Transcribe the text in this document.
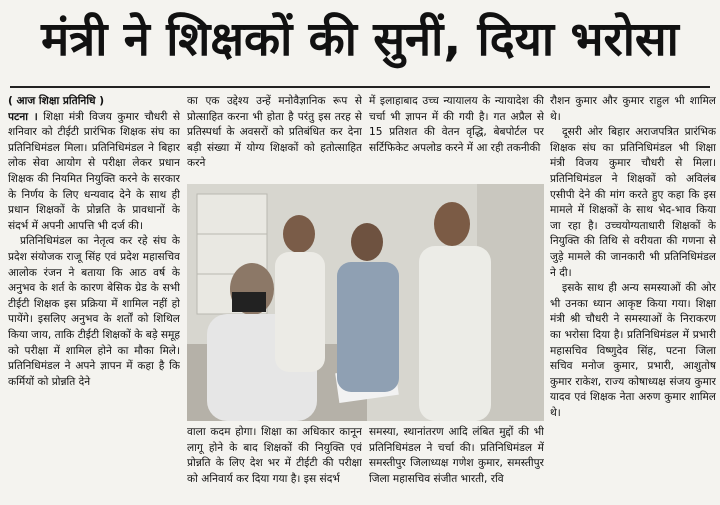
मंत्री ने शिक्षकों की सुनीं, दिया भरोसा

( आज शिक्षा प्रतिनिधि )

पटना । शिक्षा मंत्री विजय कुमार चौधरी से शनिवार को टीईटी प्रारंभिक शिक्षक संघ का प्रतिनिधिमंडल मिला। प्रतिनिधिमंडल ने बिहार लोक सेवा आयोग से परीक्षा लेकर प्रधान शिक्षक की नियमित नियुक्ति करने के सरकार के निर्णय के लिए धन्यवाद देने के साथ ही प्रधान शिक्षकों के प्रोन्नति के प्रावधानों के संदर्भ में अपनी आपत्ति भी दर्ज की।

प्रतिनिधिमंडल का नेतृत्व कर रहे संघ के प्रदेश संयोजक राजू सिंह एवं प्रदेश महासचिव आलोक रंजन ने बताया कि आठ वर्ष के अनुभव के शर्त के कारण बेसिक ग्रेड के सभी टीईटी शिक्षक इस प्रक्रिया में शामिल नहीं हो पायेंगे। इसलिए अनुभव के शर्तों को शिथिल किया जाय, ताकि टीईटी शिक्षकों के बड़े समूह को परीक्षा में शामिल होने का मौका मिले। प्रतिनिधिमंडल ने अपने ज्ञापन में कहा है कि कर्मियों को प्रोन्नति देने

का एक उद्देश्य उन्हें मनोवैज्ञानिक रूप से प्रोत्साहित करना भी होता है परंतु इस तरह से प्रतिस्पर्धा के अवसरों को प्रतिबंधित कर देना बड़ी संख्या में योग्य शिक्षकों को हतोत्साहित करने

में इलाहाबाद उच्च न्यायालय के न्यायादेश की चर्चा भी ज्ञापन में की गयी है। गत अप्रैल से 15 प्रतिशत की वेतन वृद्धि, बेबपोर्टल पर सर्टिफिकेट अपलोड करने में आ रही तकनीकी

वाला कदम होगा। शिक्षा का अधिकार कानून लागू होने के बाद शिक्षकों की नियुक्ति एवं प्रोन्नति के लिए देश भर में टीईटी की परीक्षा को अनिवार्य कर दिया गया है। इस संदर्भ

समस्या, स्थानांतरण आदि लंबित मुद्दों की भी प्रतिनिधिमंडल ने चर्चा की। प्रतिनिधिमंडल में समस्तीपुर जिलाध्यक्ष गणेश कुमार, समस्तीपुर जिला महासचिव संजीत भारती, रवि

रौशन कुमार और कुमार राहुल भी शामिल थे।

दूसरी ओर बिहार अराजपत्रित प्रारंभिक शिक्षक संघ का प्रतिनिधिमंडल भी शिक्षा मंत्री विजय कुमार चौधरी से मिला। प्रतिनिधिमंडल ने शिक्षकों को अविलंब एसीपी देने की मांग करते हुए कहा कि इस मामले में शिक्षकों के साथ भेद-भाव किया जा रहा है। उच्चयोग्यताधारी शिक्षकों के नियुक्ति की तिथि से वरीयता की गणना से जुड़े मामले की जानकारी भी प्रतिनिधिमंडल ने दी।

इसके साथ ही अन्य समस्याओं की ओर भी उनका ध्यान आकृष्ट किया गया। शिक्षा मंत्री श्री चौधरी ने समस्याओं के निराकरण का भरोसा दिया है। प्रतिनिधिमंडल में प्रभारी महासचिव विष्णुदेव सिंह, पटना जिला सचिव मनोज कुमार, प्रभारी, आशुतोष कुमार राकेश, राज्य कोषाध्यक्ष संजय कुमार यादव एवं शिक्षक नेता अरुण कुमार शामिल थे।
